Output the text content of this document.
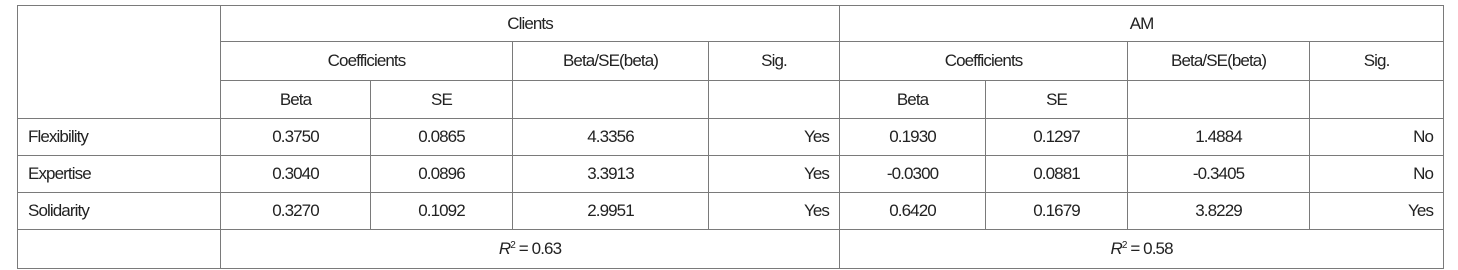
	Clients				AM			
	Coefficients		Beta/SE(beta)	Sig.	Coefficients		Beta/SE(beta)	Sig.
	Beta	SE			Beta	SE		
Flexibility	0.3750	0.0865	4.3356	Yes	0.1930	0.1297	1.4884	No
Expertise	0.3040	0.0896	3.3913	Yes	-0.0300	0.0881	-0.3405	No
Solidarity	0.3270	0.1092	2.9951	Yes	0.6420	0.1679	3.8229	Yes
	$R^2 = 0.63$				$R^2 = 0.58$			
